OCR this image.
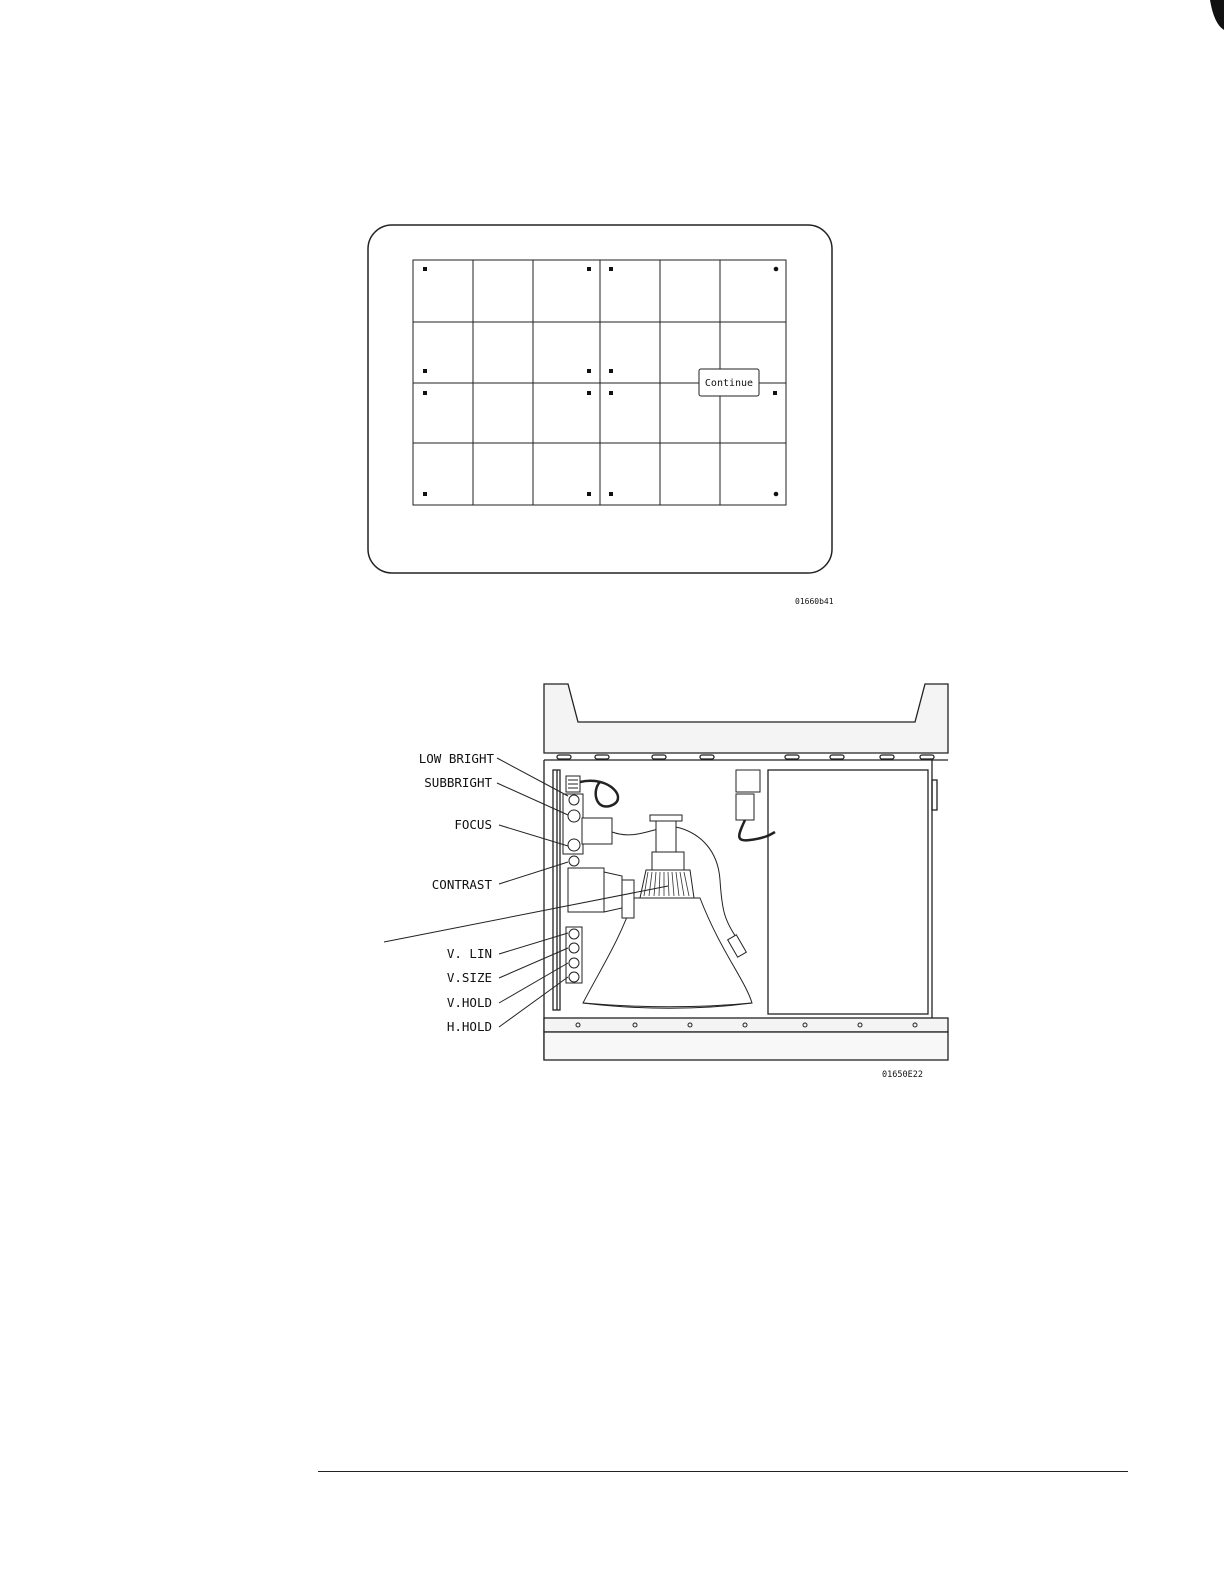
Continue
01660b41
LOW BRIGHT
SUBBRIGHT
FOCUS
CONTRAST
V. LIN
V.SIZE
V.HOLD
H.HOLD
01650E22
